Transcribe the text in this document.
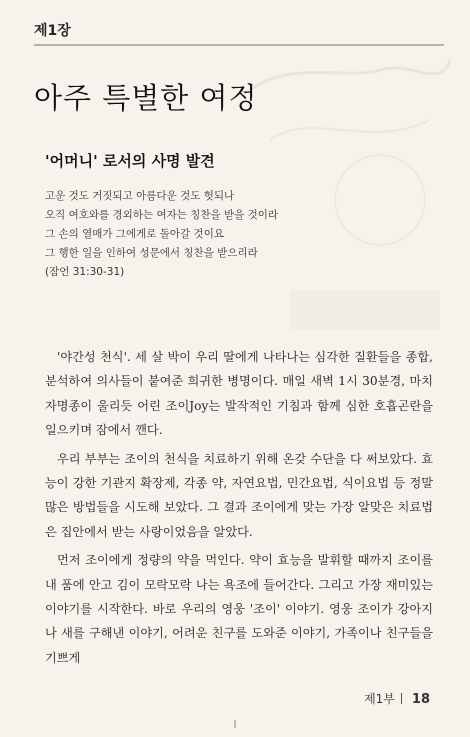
제1장
아주 특별한 여정
'어머니' 로서의 사명 발견
고운 것도 거짓되고 아름다운 것도 헛되나
오직 여호와를 경외하는 여자는 칭찬을 받을 것이라
그 손의 열매가 그에게로 돌아갈 것이요
그 행한 일을 인하여 성문에서 칭찬을 받으리라
(잠언 31:30-31)

'야간성 천식'. 세 살 박이 우리 딸에게 나타나는 심각한 질환들을 종합, 분석하여 의사들이 붙여준 희귀한 병명이다. 매일 새벽 1시 30분경, 마치 자명종이 울리듯 어린 조이Joy는 발작적인 기침과 함께 심한 호흡곤란을 일으키며 잠에서 깬다.

우리 부부는 조이의 천식을 치료하기 위해 온갖 수단을 다 써보았다. 효능이 강한 기관지 확장제, 각종 약, 자연요법, 민간요법, 식이요법 등 정말 많은 방법들을 시도해 보았다. 그 결과 조이에게 맞는 가장 알맞은 치료법은 집안에서 받는 사랑이었음을 알았다.

먼저 조이에게 정량의 약을 먹인다. 약이 효능을 발휘할 때까지 조이를 내 품에 안고 김이 모락모락 나는 욕조에 들어간다. 그리고 가장 재미있는 이야기를 시작한다. 바로 우리의 영웅 '조이' 이야기. 영웅 조이가 강아지나 새를 구해낸 이야기, 어려운 친구를 도와준 이야기, 가족이나 친구들을 기쁘게

제1부 18
